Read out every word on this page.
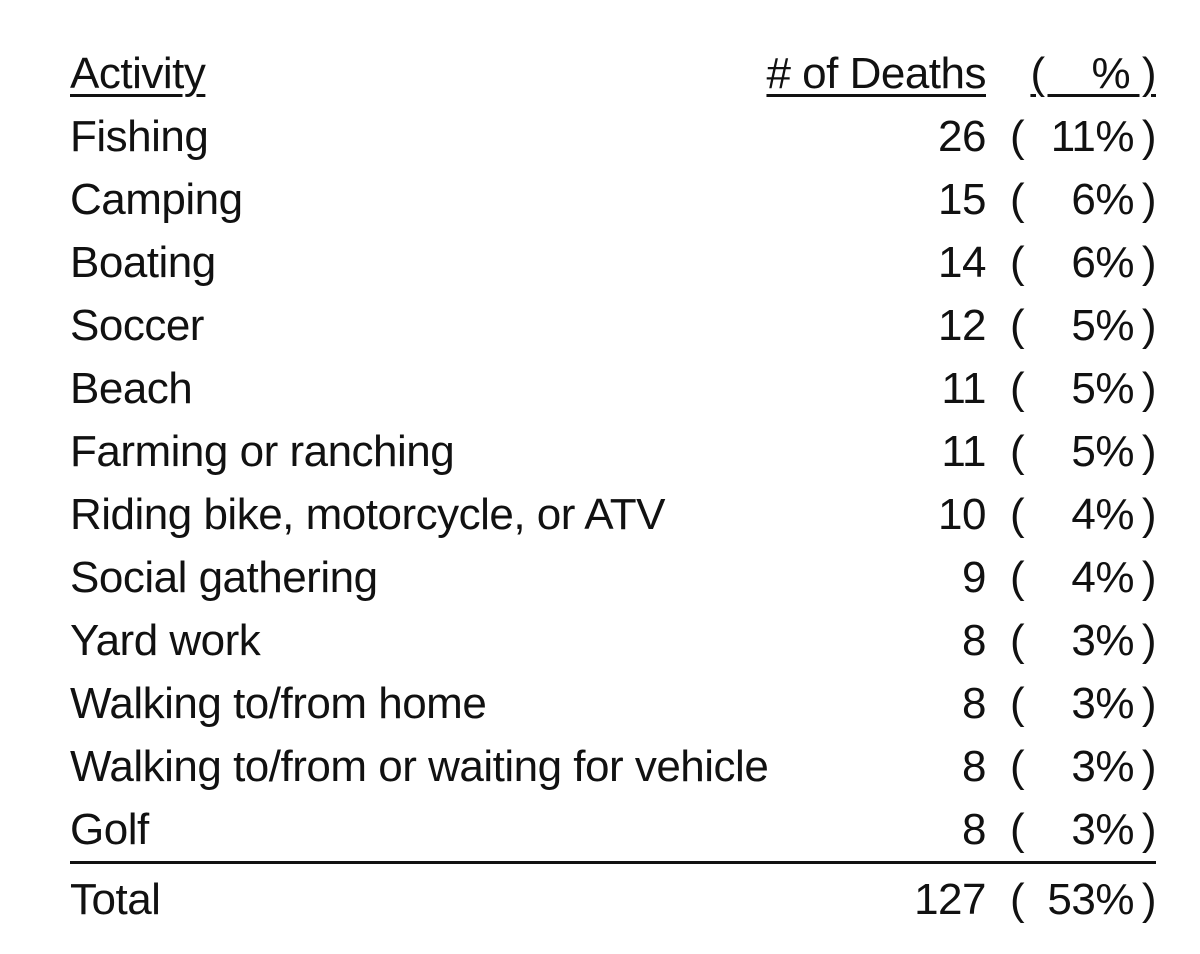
Activity	# of Deaths (    % )
Fishing	26 ( 11% )
Camping	15 ( 6% )
Boating	14 ( 6% )
Soccer	12 ( 5% )
Beach	11 ( 5% )
Farming or ranching	11 ( 5% )
Riding bike, motorcycle, or ATV	10 ( 4% )
Social gathering	9 ( 4% )
Yard work	8 ( 3% )
Walking to/from home	8 ( 3% )
Walking to/from or waiting for vehicle	8 ( 3% )
Golf	8 ( 3% )
Total	127 ( 53% )
